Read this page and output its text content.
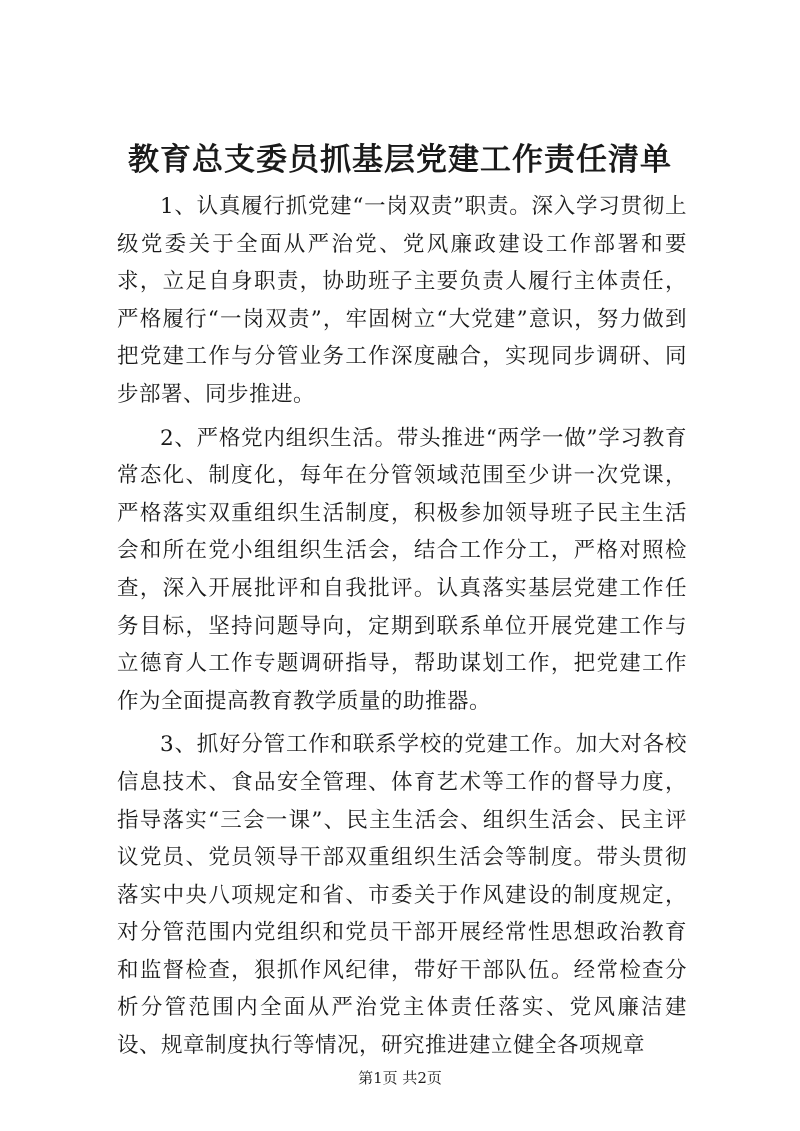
教育总支委员抓基层党建工作责任清单

1、认真履行抓党建“一岗双责”职责。深入学习贯彻上级党委关于全面从严治党、党风廉政建设工作部署和要求，立足自身职责，协助班子主要负责人履行主体责任，严格履行“一岗双责”，牢固树立“大党建”意识，努力做到把党建工作与分管业务工作深度融合，实现同步调研、同步部署、同步推进。

2、严格党内组织生活。带头推进“两学一做”学习教育常态化、制度化，每年在分管领域范围至少讲一次党课，严格落实双重组织生活制度，积极参加领导班子民主生活会和所在党小组组织生活会，结合工作分工，严格对照检查，深入开展批评和自我批评。认真落实基层党建工作任务目标，坚持问题导向，定期到联系单位开展党建工作与立德育人工作专题调研指导，帮助谋划工作，把党建工作作为全面提高教育教学质量的助推器。

3、抓好分管工作和联系学校的党建工作。加大对各校信息技术、食品安全管理、体育艺术等工作的督导力度，指导落实“三会一课”、民主生活会、组织生活会、民主评议党员、党员领导干部双重组织生活会等制度。带头贯彻落实中央八项规定和省、市委关于作风建设的制度规定，对分管范围内党组织和党员干部开展经常性思想政治教育和监督检查，狠抓作风纪律，带好干部队伍。经常检查分析分管范围内全面从严治党主体责任落实、党风廉洁建设、规章制度执行等情况，研究推进建立健全各项规章

第1页 共2页
